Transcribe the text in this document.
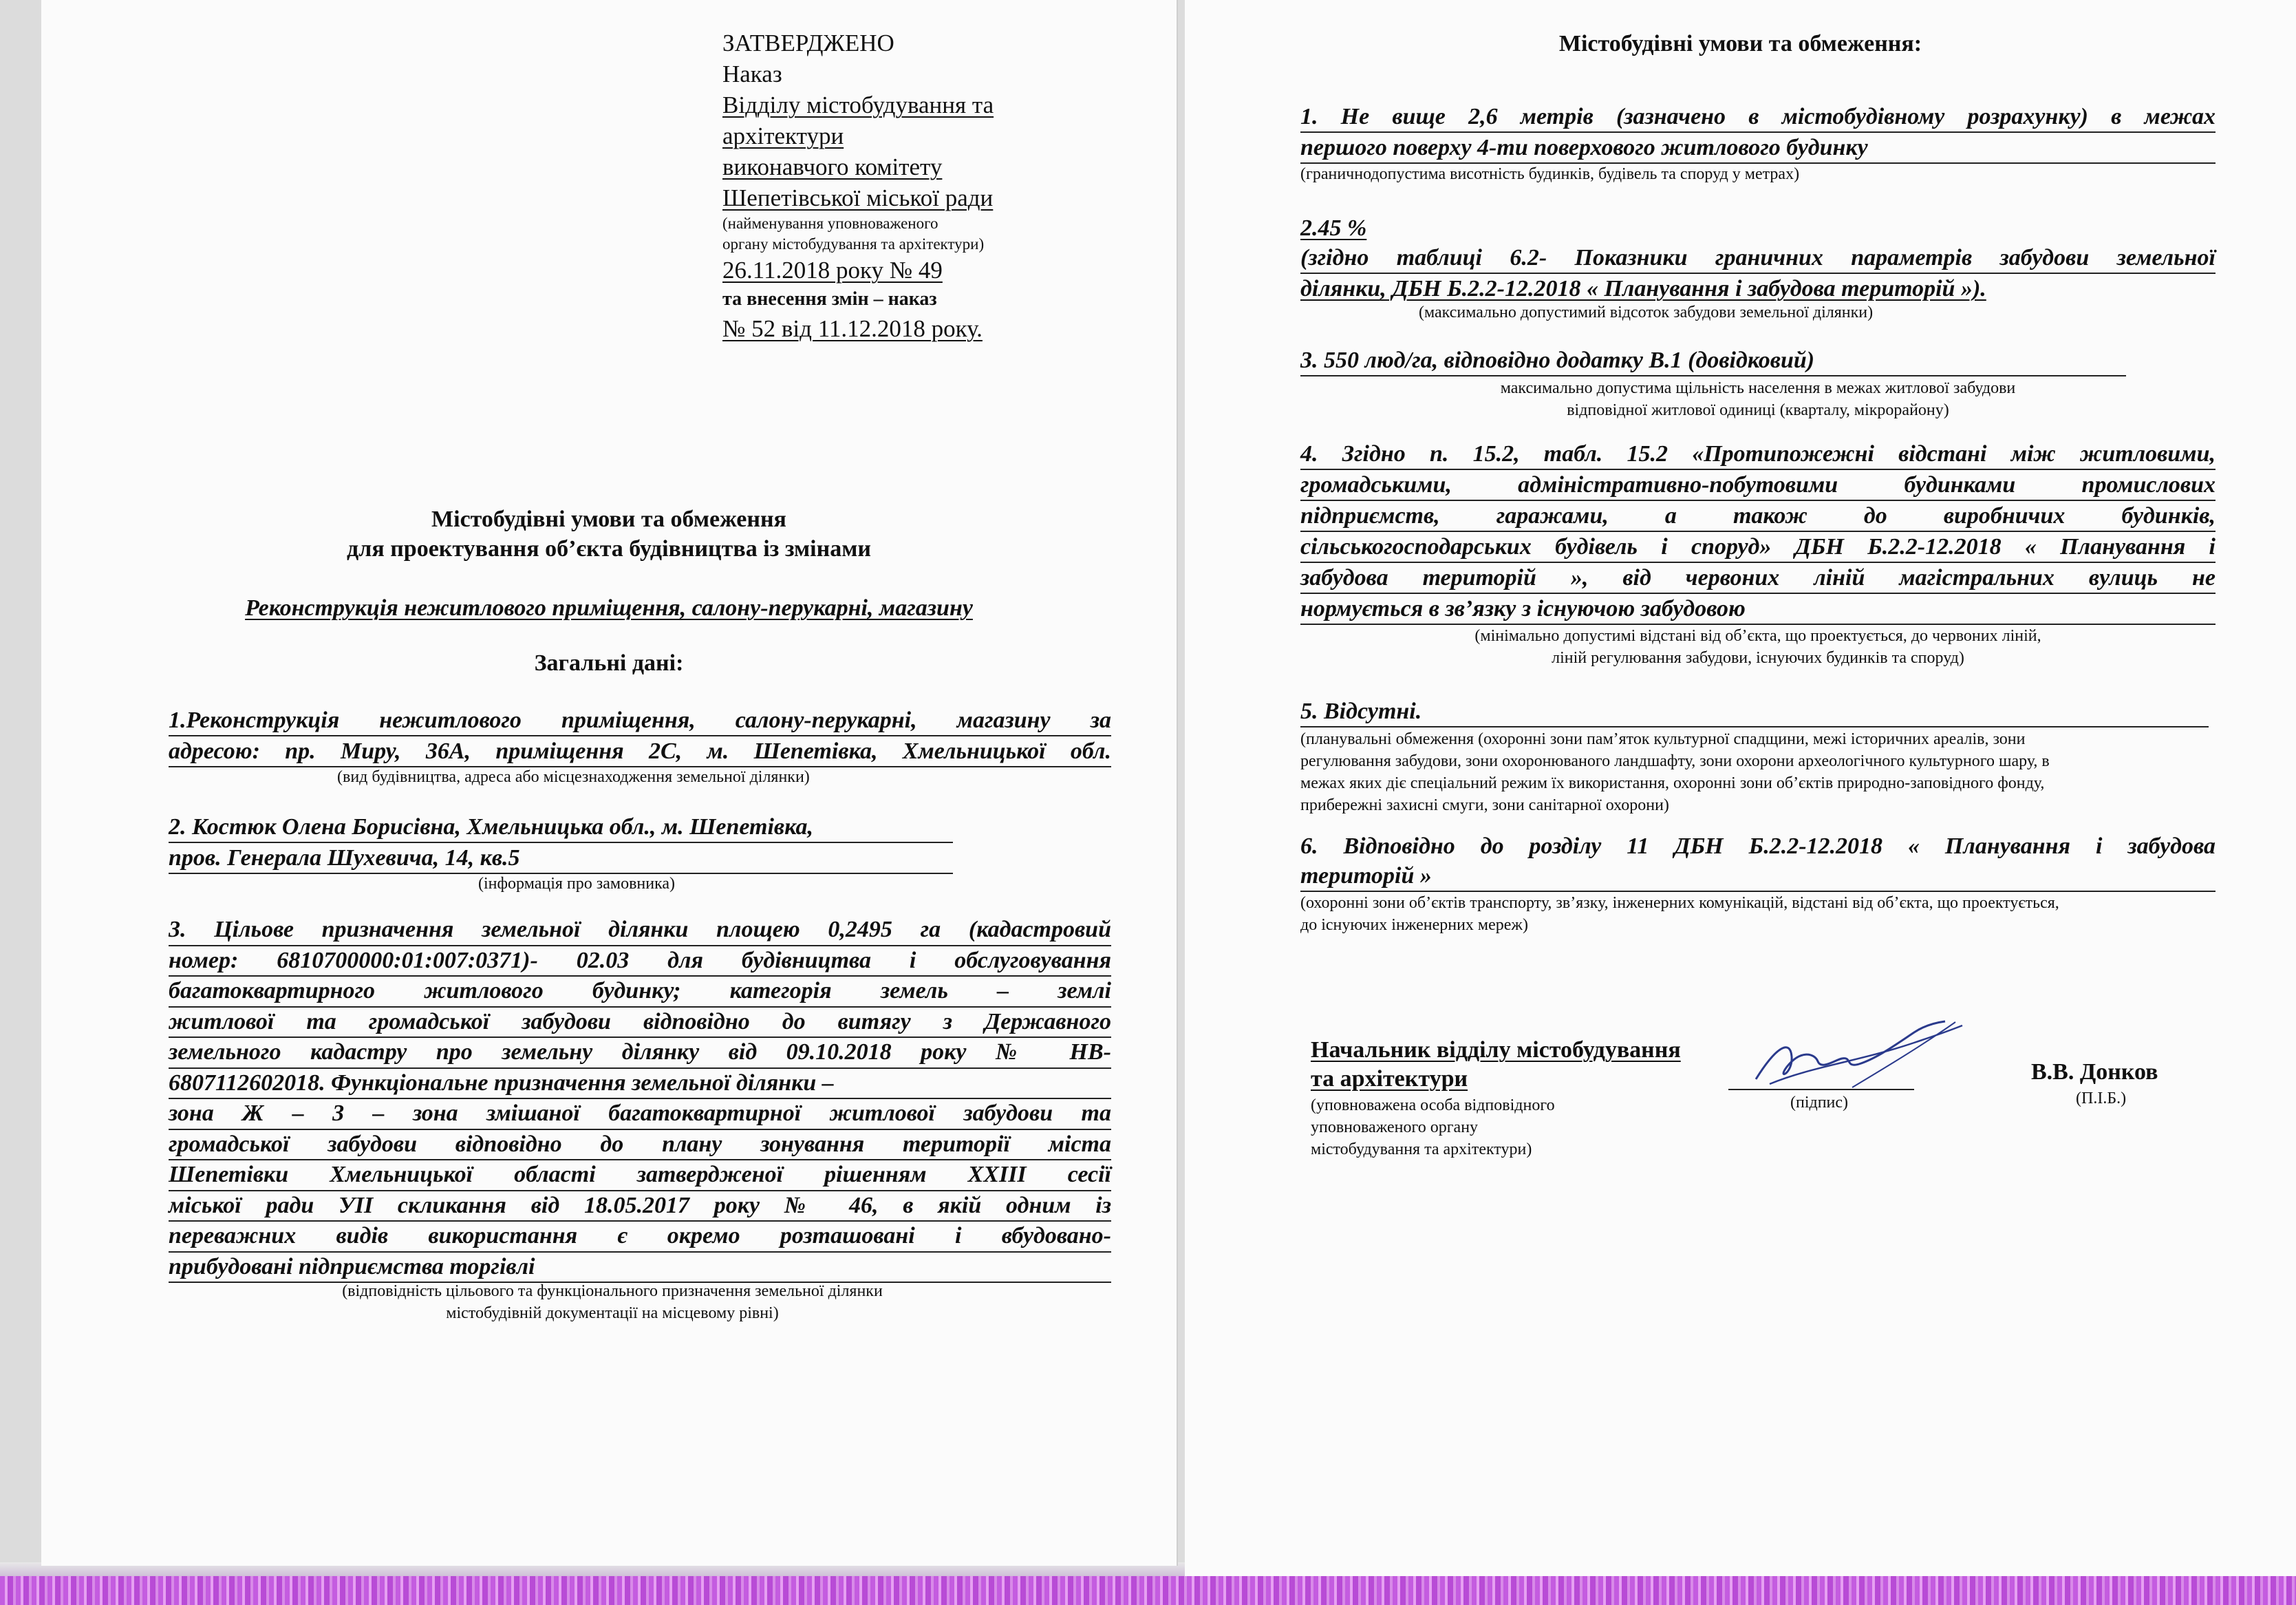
ЗАТВЕРДЖЕНО
Наказ
Відділу містобудування та
архітектури
виконавчого комітету
Шепетівської міської ради
(найменування уповноваженого
органу містобудування та архітектури)
26.11.2018 року № 49
та внесення змін – наказ
№ 52 від 11.12.2018 року.
Містобудівні умови та обмеження
для проектування об’єкта будівництва із змінами
Реконструкція нежитлового приміщення, салону-перукарні, магазину
Загальні дані:
1.Реконструкція нежитлового приміщення, салону-перукарні, магазину за
адресою: пр. Миру, 36А, приміщення 2С, м. Шепетівка, Хмельницької обл.
(вид будівництва, адреса або місцезнаходження земельної ділянки)
2. Костюк Олена Борисівна, Хмельницька обл., м. Шепетівка,
пров. Генерала Шухевича, 14, кв.5
(інформація про замовника)
3. Цільове призначення земельної ділянки площею 0,2495 га (кадастровий
номер: 6810700000:01:007:0371)- 02.03 для будівництва і обслуговування
багатоквартирного житлового будинку; категорія земель – землі
житлової та громадської забудови відповідно до витягу з Державного
земельного кадастру про земельну ділянку від 09.10.2018 року № НВ-
6807112602018. Функціональне призначення земельної ділянки –
зона Ж – 3 – зона змішаної багатоквартирної житлової забудови та
громадської забудови відповідно до плану зонування території міста
Шепетівки Хмельницької області затвердженої рішенням ХХІІІ сесії
міської ради УІІ скликання від 18.05.2017 року № 46, в якій одним із
переважних видів використання є окремо розташовані і вбудовано-
прибудовані підприємства торгівлі
(відповідність цільового та функціонального призначення земельної ділянки
містобудівній документації на місцевому рівні)
Містобудівні умови та обмеження:
1. Не вище 2,6 метрів (зазначено в містобудівному розрахунку) в межах
першого поверху 4-ти поверхового житлового будинку
(граничнодопустима висотність будинків, будівель та споруд у метрах)
2.45 %
(згідно таблиці 6.2- Показники граничних параметрів забудови земельної
ділянки, ДБН Б.2.2-12.2018 « Планування і забудова територій »).
(максимально допустимий відсоток забудови земельної ділянки)
3. 550 люд/га, відповідно додатку В.1 (довідковий)
максимально допустима щільність населення в межах житлової забудови
відповідної житлової одиниці (кварталу, мікрорайону)
4. Згідно п. 15.2, табл. 15.2 «Протипожежні відстані між житловими,
громадськими, адміністративно-побутовими будинками промислових
підприємств, гаражами, а також до виробничих будинків,
сільськогосподарських будівель і споруд» ДБН Б.2.2-12.2018 « Планування і
забудова територій », від червоних ліній магістральних вулиць не
нормується в зв’язку з існуючою забудовою
(мінімально допустимі відстані від об’єкта, що проектується, до червоних ліній,
ліній регулювання забудови, існуючих будинків та споруд)
5. Відсутні.
(планувальні обмеження (охоронні зони пам’яток культурної спадщини, межі історичних ареалів, зони
регулювання забудови, зони охоронюваного ландшафту, зони охорони археологічного культурного шару, в
межах яких діє спеціальний режим їх використання, охоронні зони об’єктів природно-заповідного фонду,
прибережні захисні смуги, зони санітарної охорони)
6. Відповідно до розділу 11 ДБН Б.2.2-12.2018 « Планування і забудова
територій »
(охоронні зони об’єктів транспорту, зв’язку, інженерних комунікацій, відстані від об’єкта, що проектується,
до існуючих інженерних мереж)
Начальник відділу містобудування
та архітектури
(уповноважена особа відповідного
уповноваженого органу
містобудування та архітектури)
(підпис)
В.В. Донков
(П.І.Б.)
